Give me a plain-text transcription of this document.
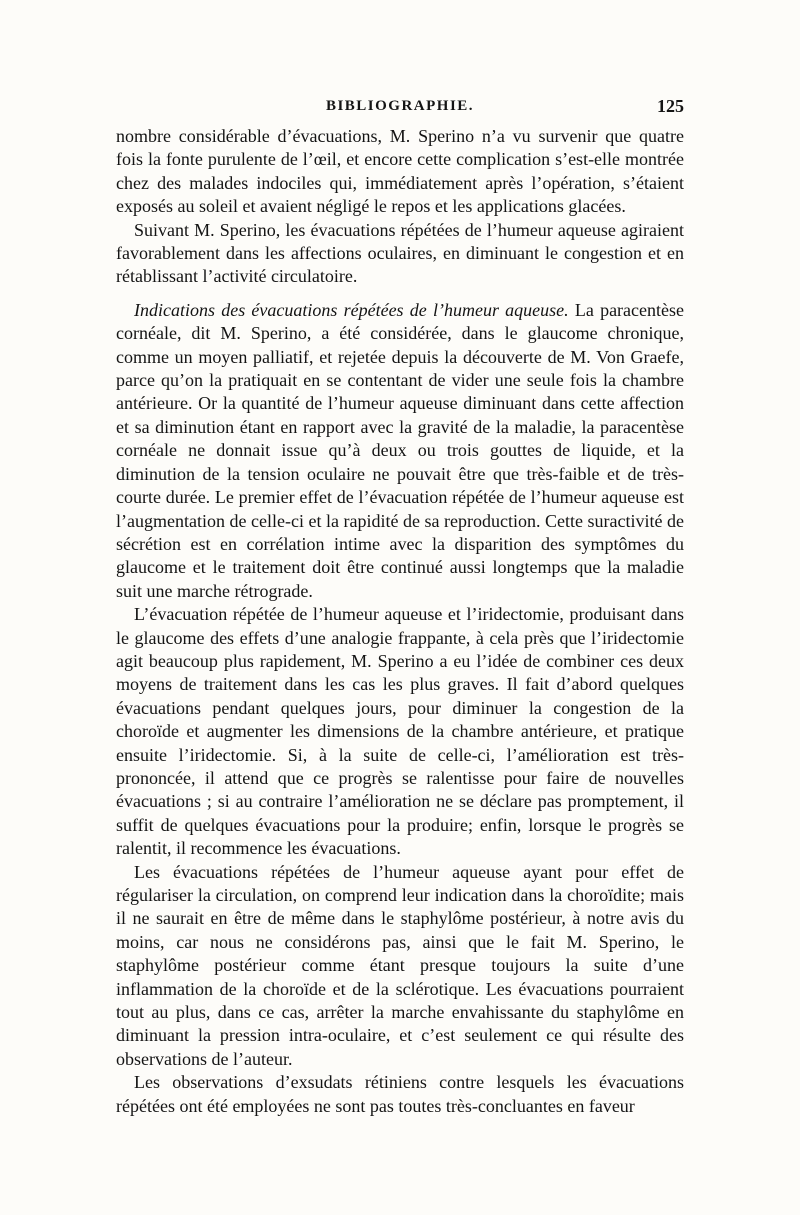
BIBLIOGRAPHIE.	125

nombre considérable d’évacuations, M. Sperino n’a vu survenir que quatre fois la fonte purulente de l’œil, et encore cette complication s’est-elle montrée chez des malades indociles qui, immédiatement après l’opération, s’étaient exposés au soleil et avaient négligé le repos et les applications glacées.

Suivant M. Sperino, les évacuations répétées de l’humeur aqueuse agiraient favorablement dans les affections oculaires, en diminuant le congestion et en rétablissant l’activité circulatoire.

Indications des évacuations répétées de l’humeur aqueuse. La paracentèse cornéale, dit M. Sperino, a été considérée, dans le glaucome chronique, comme un moyen palliatif, et rejetée depuis la découverte de M. Von Graefe, parce qu’on la pratiquait en se contentant de vider une seule fois la chambre antérieure. Or la quantité de l’humeur aqueuse diminuant dans cette affection et sa diminution étant en rapport avec la gravité de la maladie, la paracentèse cornéale ne donnait issue qu’à deux ou trois gouttes de liquide, et la diminution de la tension oculaire ne pouvait être que très-faible et de très-courte durée. Le premier effet de l’évacuation répétée de l’humeur aqueuse est l’augmentation de celle-ci et la rapidité de sa reproduction. Cette suractivité de sécrétion est en corrélation intime avec la disparition des symptômes du glaucome et le traitement doit être continué aussi longtemps que la maladie suit une marche rétrograde.

L’évacuation répétée de l’humeur aqueuse et l’iridectomie, produisant dans le glaucome des effets d’une analogie frappante, à cela près que l’iridectomie agit beaucoup plus rapidement, M. Sperino a eu l’idée de combiner ces deux moyens de traitement dans les cas les plus graves. Il fait d’abord quelques évacuations pendant quelques jours, pour diminuer la congestion de la choroïde et augmenter les dimensions de la chambre antérieure, et pratique ensuite l’iridectomie. Si, à la suite de celle-ci, l’amélioration est très-prononcée, il attend que ce progrès se ralentisse pour faire de nouvelles évacuations ; si au contraire l’amélioration ne se déclare pas promptement, il suffit de quelques évacuations pour la produire; enfin, lorsque le progrès se ralentit, il recommence les évacuations.

Les évacuations répétées de l’humeur aqueuse ayant pour effet de régulariser la circulation, on comprend leur indication dans la choroïdite; mais il ne saurait en être de même dans le staphylôme postérieur, à notre avis du moins, car nous ne considérons pas, ainsi que le fait M. Sperino, le staphylôme postérieur comme étant presque toujours la suite d’une inflammation de la choroïde et de la sclérotique. Les évacuations pourraient tout au plus, dans ce cas, arrêter la marche envahissante du staphylôme en diminuant la pression intra-oculaire, et c’est seulement ce qui résulte des observations de l’auteur.

Les observations d’exsudats rétiniens contre lesquels les évacuations répétées ont été employées ne sont pas toutes très-concluantes en faveur
